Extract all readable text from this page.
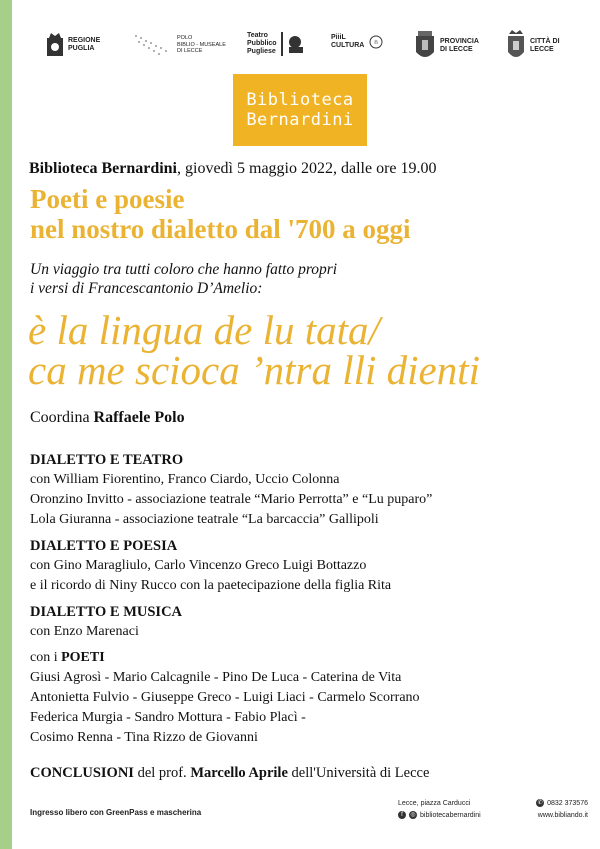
REGIONE
PUGLIA
POLO
BIBLIO - MUSEALE
DI LECCE
Teatro
Pubblico
Pugliese
PiiiL
CULTURA n	PROVINCIA
DI LECCE
CITTÀ DI
LECCE
Biblioteca
Bernardini
Biblioteca Bernardini, giovedì 5 maggio 2022, dalle ore 19.00
Poeti e poesie
nel nostro dialetto dal '700 a oggi
Un viaggio tra tutti coloro che hanno fatto propri
i versi di Francescantonio D’Amelio:
è la lingua de lu tata/
ca me scioca ’ntra lli dienti
Coordina Raffaele Polo
DIALETTO E TEATRO
con William Fiorentino, Franco Ciardo, Uccio Colonna
Oronzino Invitto - associazione teatrale “Mario Perrotta” e “Lu puparo”
Lola Giuranna - associazione teatrale “La barcaccia” Gallipoli
DIALETTO E POESIA
con Gino Maragliulo, Carlo Vincenzo Greco Luigi Bottazzo
e il ricordo di Niny Rucco con la paetecipazione della figlia Rita
DIALETTO E MUSICA
con Enzo Marenaci
con i POETI
Giusi Agrosì - Mario Calcagnile - Pino De Luca - Caterina de Vita
Antonietta Fulvio - Giuseppe Greco - Luigi Liaci - Carmelo Scorrano
Federica Murgia - Sandro Mottura - Fabio Placì -
Cosimo Renna - Tina Rizzo de Giovanni
CONCLUSIONI del prof. Marcello Aprile dell'Università di Lecce
Ingresso libero con GreenPass e mascherina
Lecce, piazza Carducci	✆ 0832 373576
f	◎ bibliotecabernardini	www.bibliando.it
